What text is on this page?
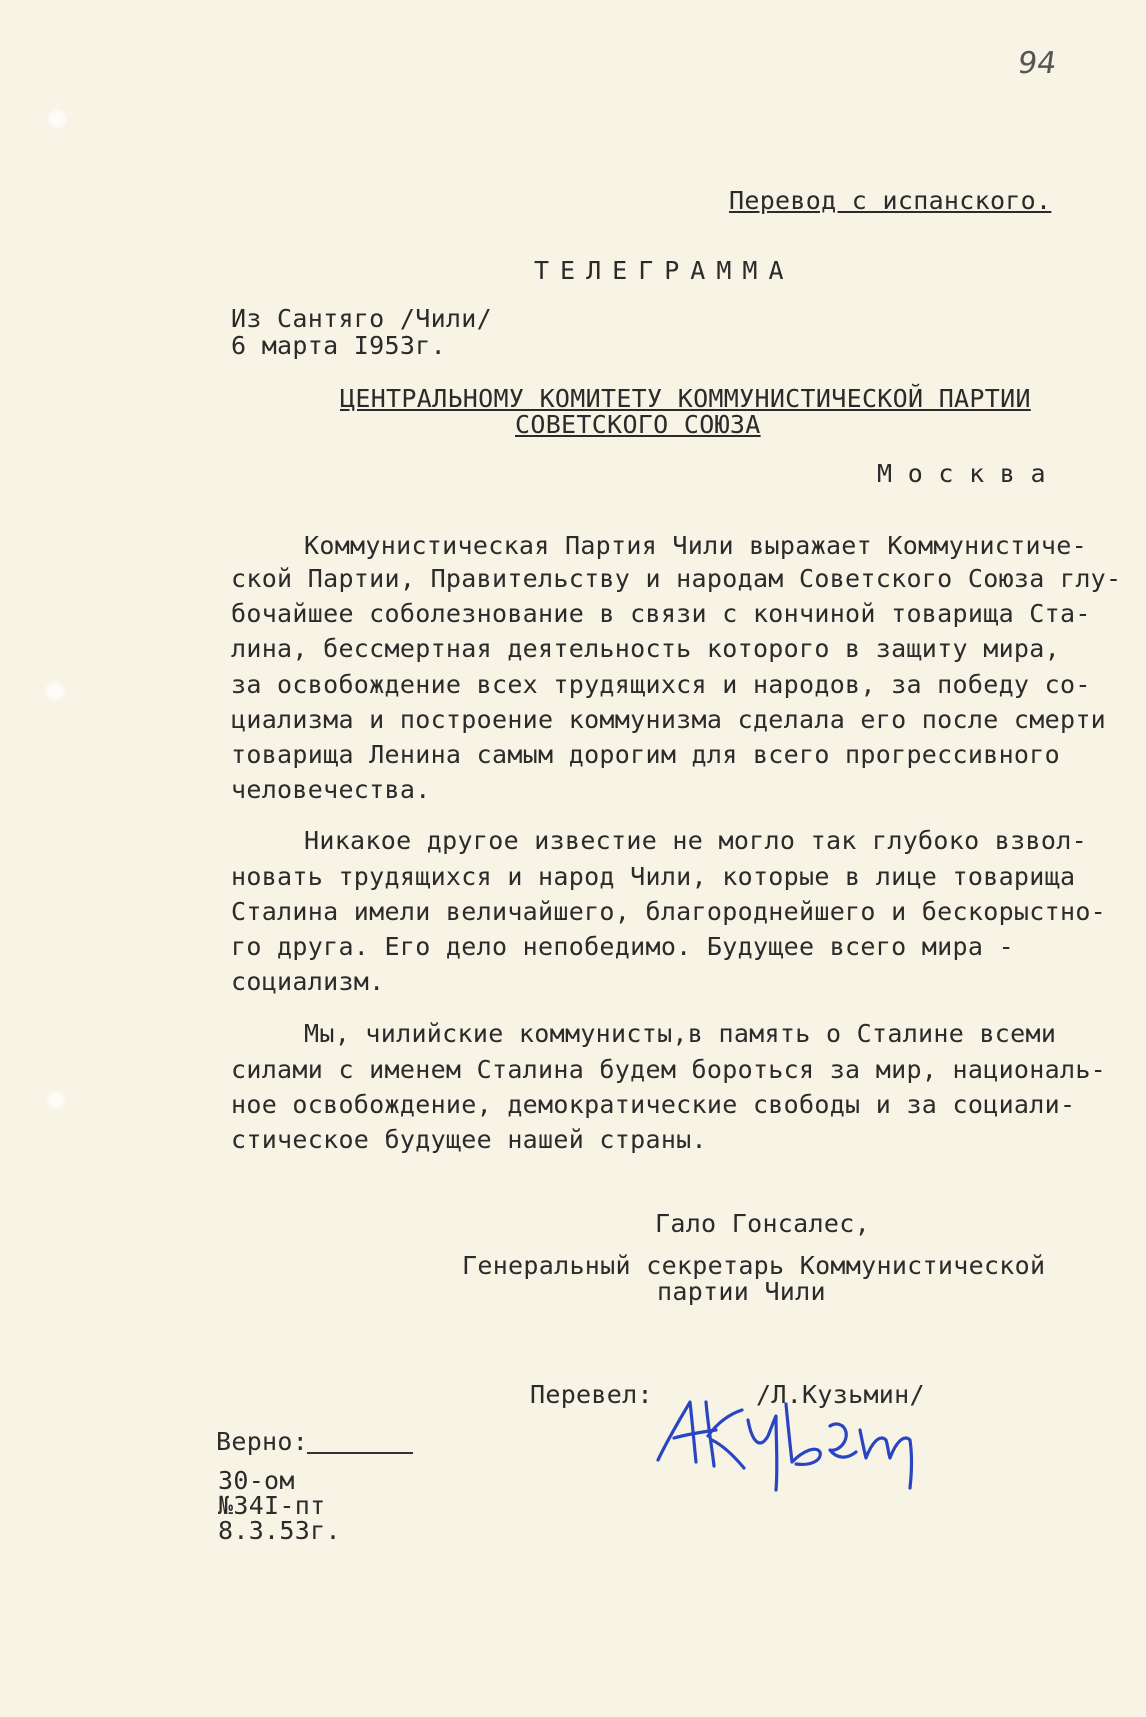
94
Перевод с испанского.
ТЕЛЕГРАММА
Из Сантяго /Чили/
6 марта I953г.
ЦЕНТРАЛЬНОМУ КОМИТЕТУ КОММУНИСТИЧЕСКОЙ ПАРТИИ
СОВЕТСКОГО СОЮЗА
М о с к в а
Коммунистическая Партия Чили выражает Коммунистиче-
ской Партии, Правительству и народам Советского Союза глу-
бочайшее соболезнование в связи с кончиной товарища Ста-
лина, бессмертная деятельность которого в защиту мира,
за освобождение всех трудящихся и народов, за победу со-
циализма и построение коммунизма сделала его после смерти
товарища Ленина самым дорогим для всего прогрессивного
человечества.
Никакое другое известие не могло так глубоко взвол-
новать трудящихся и народ Чили, которые в лице товарища
Сталина имели величайшего, благороднейшего и бескорыстно-
го друга. Его дело непобедимо. Будущее всего мира -
социализм.
Мы, чилийские коммунисты,в память о Сталине всеми
силами с именем Сталина будем бороться за мир, националь-
ное освобождение, демократические свободы и за социали-
стическое будущее нашей страны.
Гало Гонсалес,
Генеральный секретарь Коммунистической
партии Чили
Перевел:	/Л.Кузьмин/
Верно:
30-ом
№34I-пт
8.3.53г.
